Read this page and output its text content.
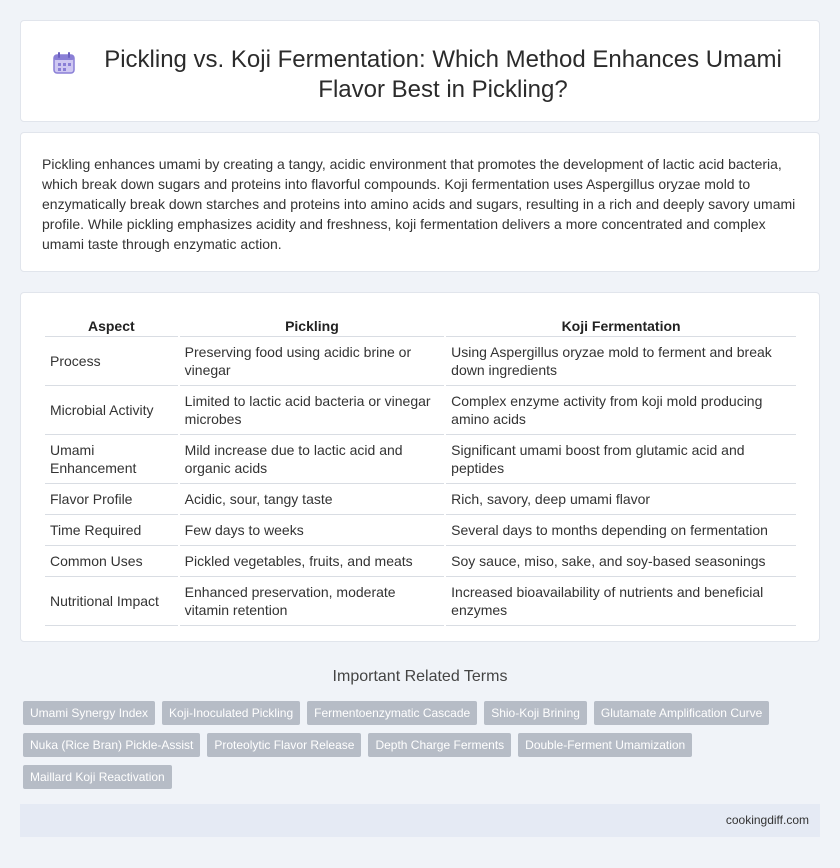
Pickling vs. Koji Fermentation: Which Method Enhances Umami Flavor Best in Pickling?

Pickling enhances umami by creating a tangy, acidic environment that promotes the development of lactic acid bacteria, which break down sugars and proteins into flavorful compounds. Koji fermentation uses Aspergillus oryzae mold to enzymatically break down starches and proteins into amino acids and sugars, resulting in a rich and deeply savory umami profile. While pickling emphasizes acidity and freshness, koji fermentation delivers a more concentrated and complex umami taste through enzymatic action.

Aspect	Pickling	Koji Fermentation
Process	Preserving food using acidic brine or vinegar	Using Aspergillus oryzae mold to ferment and break down ingredients
Microbial Activity	Limited to lactic acid bacteria or vinegar microbes	Complex enzyme activity from koji mold producing amino acids
Umami Enhancement	Mild increase due to lactic acid and organic acids	Significant umami boost from glutamic acid and peptides
Flavor Profile	Acidic, sour, tangy taste	Rich, savory, deep umami flavor
Time Required	Few days to weeks	Several days to months depending on fermentation
Common Uses	Pickled vegetables, fruits, and meats	Soy sauce, miso, sake, and soy-based seasonings
Nutritional Impact	Enhanced preservation, moderate vitamin retention	Increased bioavailability of nutrients and beneficial enzymes
Important Related Terms
Umami Synergy Index	Koji-Inoculated Pickling	Fermentoenzymatic Cascade	Shio-Koji Brining	Glutamate Amplification Curve
Nuka (Rice Bran) Pickle-Assist	Proteolytic Flavor Release	Depth Charge Ferments	Double-Ferment Umamization
Maillard Koji Reactivation
cookingdiff.com
